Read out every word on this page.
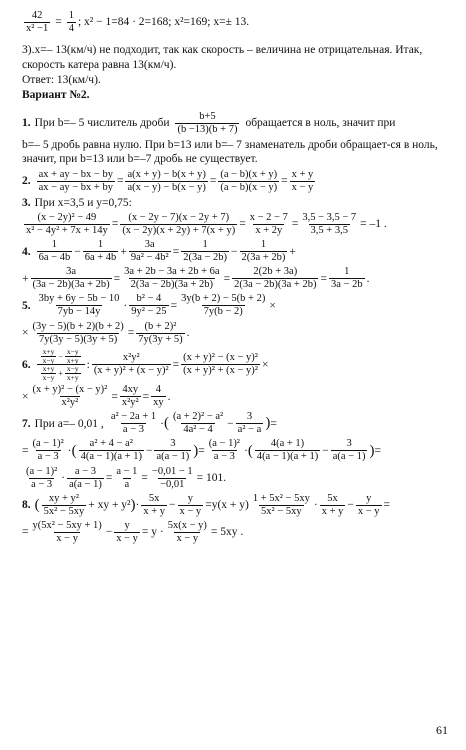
$\frac{42}{\text{x² −1}} = \frac{1}{4}$ ; x² − 1=84 · 2=168; x²=169; x=± 13.
3).x=– 13(км/ч) не подходит, так как скорость – величина не отрицательная. Итак, скорость катера равна 13(км/ч).
Ответ: 13(км/ч).
Вариант №2.
1. При b=– 5 числитель дроби $\frac{b+5}{(b -13)(b + 7)}$ обращается в ноль, значит при
b=– 5 дробь равна нулю. При b=13 или b=– 7 знаменатель дроби обращает-ся в ноль, значит, при b=13 или b=–7 дробь не существует.
2. $\frac{ax + ay - bx - by}{ax - ay - bx + by} = \frac{a(x + y) - b(x + y)}{a(x - y) - b(x - y)} = \frac{(a - b)(x + y)}{(a - b)(x - y)} = \frac{x + y}{x - y}$
3. При x=3,5 и y=0,75:
$\frac{\text{(x − 2y)² − 49}}{\text{x² − 4y² + 7x + 14y}} = \frac{(x - 2y - 7)(x - 2y + 7)}{(x - 2y)(x + 2y) + 7(x + y)} = \frac{x - 2 - 7}{x + 2y} = \frac{3,5 - 3,5 - 7}{3,5 + 3,5} = -1$ .
4. $\frac{1}{6a - 4b} - \frac{1}{6a + 4b} + \frac{3a}{\text{9a² − 4b²}} = \frac{1}{2(3a - 2b)} - \frac{1}{2(3a + 2b)}$ +
+ $\frac{3a}{(3a - 2b)(3a + 2b)} = \frac{3a + 2b - 3a + 2b + 6a}{2(3a - 2b)(3a + 2b)} = \frac{2(2b + 3a)}{2(3a - 2b)(3a + 2b)} = \frac{1}{3a - 2b}$ .
5. $\frac{3by + 6y - 5b - 10}{7yb - 14y} \cdot \frac{\text{b² − 4}}{\text{9y² − 25}} = \frac{3y(b + 2) - 5(b + 2)}{7y(b - 2)}$ ×
× $\frac{(3y - 5)(b + 2)(b + 2)}{7y(3y - 5)(3y + 5)} = \frac{\text{(b + 2)²}}{7y(3y + 5)}$ .
6. $\frac{\frac{x+y}{x-y} - \frac{x-y}{x+y}}{\frac{x+y}{x-y} + \frac{x-y}{x+y}}$ : $\frac{\text{x²y²}}{\text{(x + y)² + (x − y)²}} = \frac{\text{(x + y)² − (x − y)²}}{\text{(x + y)² + (x − y)²}}$ ×
× $\frac{\text{(x + y)² − (x − y)²}}{\text{x²y²}} = \frac{4xy}{\text{x²y²}} = \frac{4}{xy}$ .
7. При a=– 0,01 , $\frac{\text{a² − 2a + 1}}{a - 3}$ · ( $\frac{\text{(a + 2)² − a²}}{\text{4a² − 4}} - \frac{3}{\text{a² − a}}$ ) =
= $\frac{\text{(a − 1)²}}{a - 3}$ · ( $\frac{\text{a² + 4 − a²}}{4(a - 1)(a + 1)} - \frac{3}{a(a - 1)}$ ) = $\frac{\text{(a − 1)²}}{a - 3}$ · ( $\frac{4(a + 1)}{4(a - 1)(a + 1)} - \frac{3}{a(a - 1)}$ ) =
$\frac{\text{(a − 1)²}}{a - 3} \cdot \frac{a - 3}{a(a - 1)} = \frac{a - 1}{a} = \frac{-0,01 - 1}{-0,01} = 101$.
8. ( $\frac{\text{xy + y²}}{\text{5x² − 5xy}}$ + xy + y² ) · $\frac{5x}{x + y} - \frac{y}{x - y} = y(x + y) \frac{\text{1 + 5x² − 5xy}}{\text{5x² − 5xy}} \cdot \frac{5x}{x + y} - \frac{y}{x - y}$ =
= $\frac{\text{y(5x² − 5xy + 1)}}{x - y} - \frac{y}{x - y} = y \cdot \frac{5x(x - y)}{x - y} = 5xy$ .
61
